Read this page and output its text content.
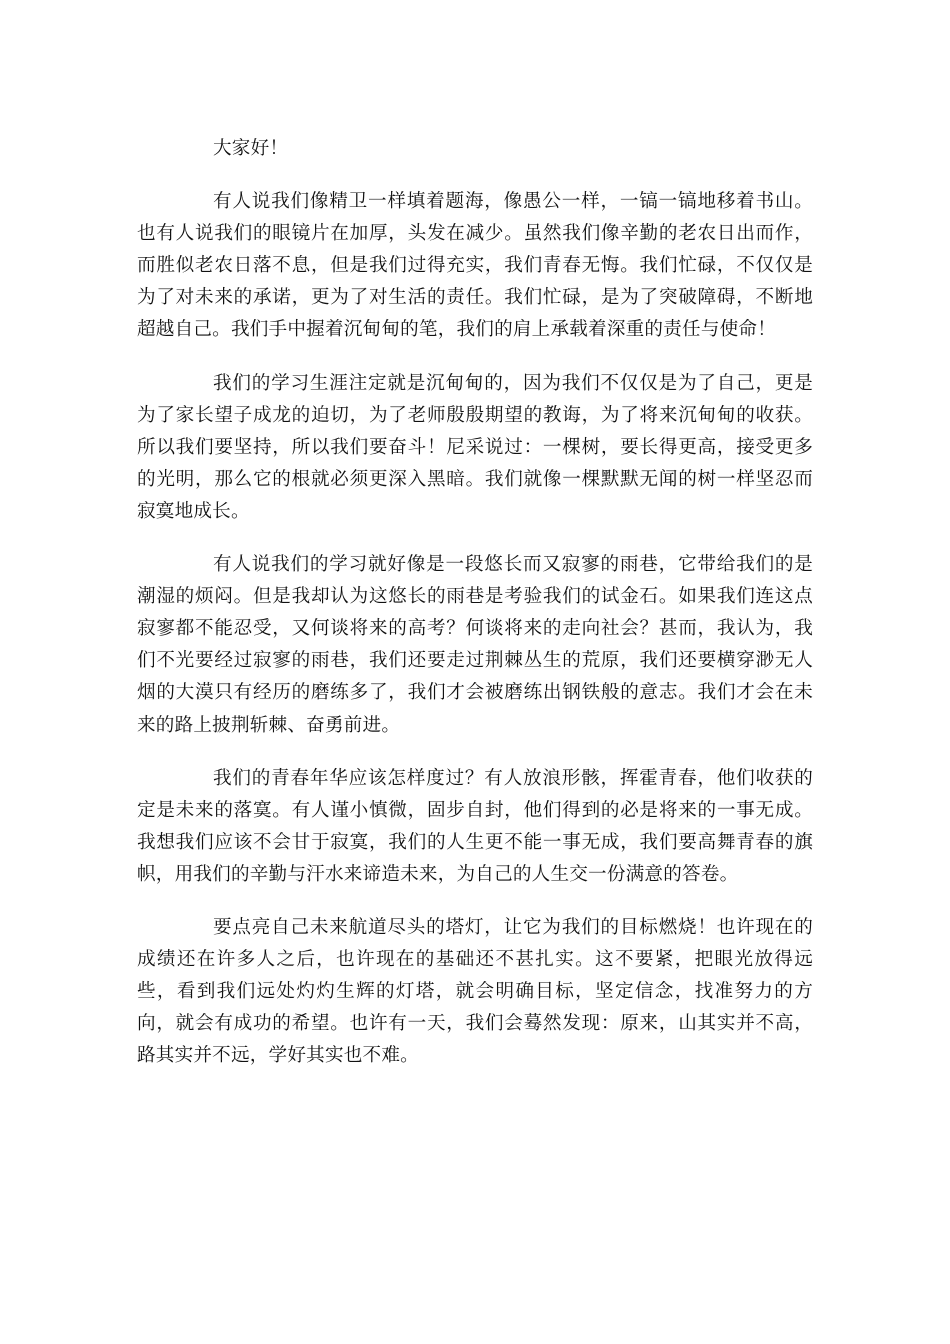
大家好！

有人说我们像精卫一样填着题海，像愚公一样，一镐一镐地移着书山。也有人说我们的眼镜片在加厚，头发在减少。虽然我们像辛勤的老农日出而作，而胜似老农日落不息，但是我们过得充实，我们青春无悔。我们忙碌，不仅仅是为了对未来的承诺，更为了对生活的责任。我们忙碌，是为了突破障碍，不断地超越自己。我们手中握着沉甸甸的笔，我们的肩上承载着深重的责任与使命！

我们的学习生涯注定就是沉甸甸的，因为我们不仅仅是为了自己，更是为了家长望子成龙的迫切，为了老师殷殷期望的教诲，为了将来沉甸甸的收获。所以我们要坚持，所以我们要奋斗！尼采说过：一棵树，要长得更高，接受更多的光明，那么它的根就必须更深入黑暗。我们就像一棵默默无闻的树一样坚忍而寂寞地成长。

有人说我们的学习就好像是一段悠长而又寂寥的雨巷，它带给我们的是潮湿的烦闷。但是我却认为这悠长的雨巷是考验我们的试金石。如果我们连这点寂寥都不能忍受，又何谈将来的高考？何谈将来的走向社会？甚而，我认为，我们不光要经过寂寥的雨巷，我们还要走过荆棘丛生的荒原，我们还要横穿渺无人烟的大漠只有经历的磨练多了，我们才会被磨练出钢铁般的意志。我们才会在未来的路上披荆斩棘、奋勇前进。

我们的青春年华应该怎样度过？有人放浪形骸，挥霍青春，他们收获的定是未来的落寞。有人谨小慎微，固步自封，他们得到的必是将来的一事无成。我想我们应该不会甘于寂寞，我们的人生更不能一事无成，我们要高舞青春的旗帜，用我们的辛勤与汗水来谛造未来，为自己的人生交一份满意的答卷。

要点亮自己未来航道尽头的塔灯，让它为我们的目标燃烧！也许现在的成绩还在许多人之后，也许现在的基础还不甚扎实。这不要紧，把眼光放得远些，看到我们远处灼灼生辉的灯塔，就会明确目标，坚定信念，找准努力的方向，就会有成功的希望。也许有一天，我们会蓦然发现：原来，山其实并不高，路其实并不远，学好其实也不难。
